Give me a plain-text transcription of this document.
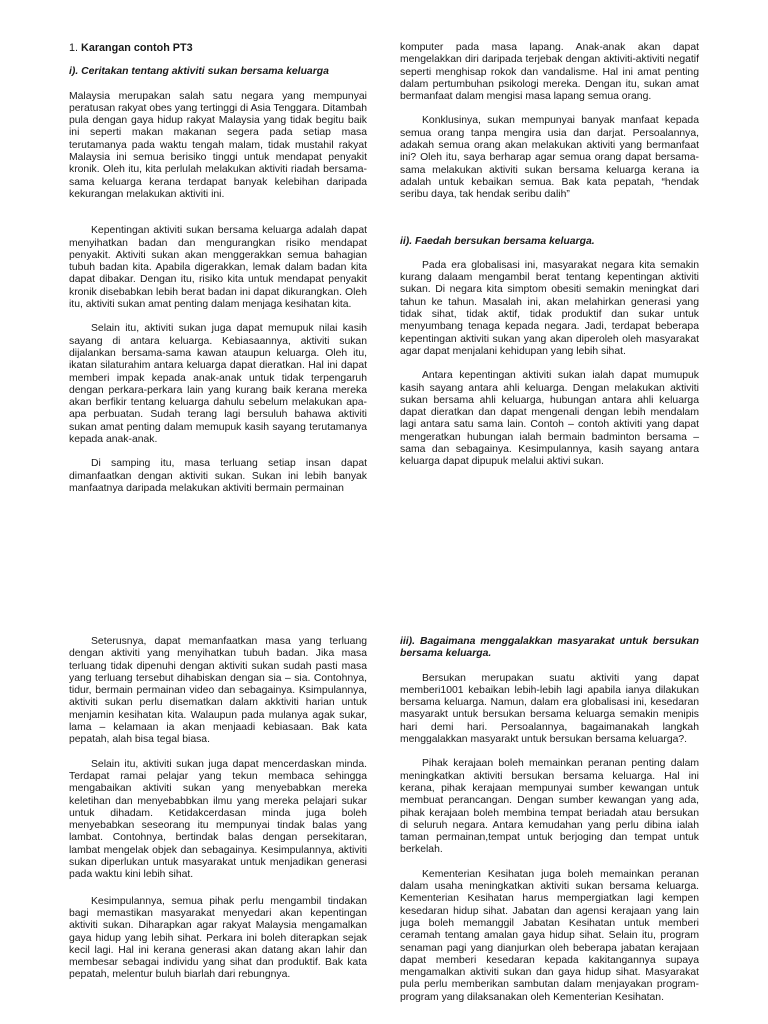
1. Karangan contoh PT3

i). Ceritakan tentang aktiviti sukan bersama keluarga

Malaysia merupakan salah satu negara yang mempunyai peratusan rakyat obes yang tertinggi di Asia Tenggara. Ditambah pula dengan gaya hidup rakyat Malaysia yang tidak begitu baik ini seperti makan makanan segera pada setiap masa terutamanya pada waktu tengah malam, tidak mustahil rakyat Malaysia ini semua berisiko tinggi untuk mendapat penyakit kronik. Oleh itu, kita perlulah melakukan aktiviti riadah bersama-sama keluarga kerana terdapat banyak kelebihan daripada kekurangan melakukan aktiviti ini.

Kepentingan aktiviti sukan bersama keluarga adalah dapat menyihatkan badan dan mengurangkan risiko mendapat penyakit. Aktiviti sukan akan menggerakkan semua bahagian tubuh badan kita. Apabila digerakkan, lemak dalam badan kita dapat dibakar. Dengan itu, risiko kita untuk mendapat penyakit kronik disebabkan lebih berat badan ini dapat dikurangkan. Oleh itu, aktiviti sukan amat penting dalam menjaga kesihatan kita.

Selain itu, aktiviti sukan juga dapat memupuk nilai kasih sayang di antara keluarga. Kebiasaannya, aktiviti sukan dijalankan bersama-sama kawan ataupun keluarga. Oleh itu, ikatan silaturahim antara keluarga dapat dieratkan. Hal ini dapat memberi impak kepada anak-anak untuk tidak terpengaruh dengan perkara-perkara lain yang kurang baik kerana mereka akan berfikir tentang keluarga dahulu sebelum melakukan apa-apa perbuatan. Sudah terang lagi bersuluh bahawa aktiviti sukan amat penting dalam memupuk kasih sayang terutamanya kepada anak-anak.

Di samping itu, masa terluang setiap insan dapat dimanfaatkan dengan aktiviti sukan. Sukan ini lebih banyak manfaatnya daripada melakukan aktiviti bermain permainan

komputer pada masa lapang. Anak-anak akan dapat mengelakkan diri daripada terjebak dengan aktiviti-aktiviti negatif seperti menghisap rokok dan vandalisme. Hal ini amat penting dalam pertumbuhan psikologi mereka. Dengan itu, sukan amat bermanfaat dalam mengisi masa lapang semua orang.

Konklusinya, sukan mempunyai banyak manfaat kepada semua orang tanpa mengira usia dan darjat. Persoalannya, adakah semua orang akan melakukan aktiviti yang bermanfaat ini? Oleh itu, saya berharap agar semua orang dapat bersama-sama melakukan aktiviti sukan bersama keluarga kerana ia adalah untuk kebaikan semua. Bak kata pepatah, “hendak seribu daya, tak hendak seribu dalih”

ii). Faedah bersukan bersama keluarga.

Pada era globalisasi ini, masyarakat negara kita semakin kurang dalaam mengambil berat tentang kepentingan aktiviti sukan. Di negara kita simptom obesiti semakin meningkat dari tahun ke tahun. Masalah ini, akan melahirkan generasi yang tidak sihat, tidak aktif, tidak produktif dan sukar untuk menyumbang tenaga kepada negara. Jadi, terdapat beberapa kepentingan aktiviti sukan yang akan diperoleh oleh masyarakat agar dapat menjalani kehidupan yang lebih sihat.

Antara kepentingan aktiviti sukan ialah dapat mumupuk kasih sayang antara ahli keluarga. Dengan melakukan aktiviti sukan bersama ahli keluarga, hubungan antara ahli keluarga dapat dieratkan dan dapat mengenali dengan lebih mendalam lagi antara satu sama lain. Contoh – contoh aktiviti yang dapat mengeratkan hubungan ialah bermain badminton bersama – sama dan sebagainya. Kesimpulannya, kasih sayang antara keluarga dapat dipupuk melalui aktivi sukan.

Seterusnya, dapat memanfaatkan masa yang terluang dengan aktiviti yang menyihatkan tubuh badan. Jika masa terluang tidak dipenuhi dengan aktiviti sukan sudah pasti masa yang terluang tersebut dihabiskan dengan sia – sia. Contohnya, tidur, bermain permainan video dan sebagainya. Ksimpulannya, aktiviti sukan perlu disematkan dalam akktiviti harian untuk menjamin kesihatan kita. Walaupun pada mulanya agak sukar, lama – kelamaan ia akan menjaadi kebiasaan. Bak kata pepatah, alah bisa tegal biasa.

Selain itu, aktiviti sukan juga dapat mencerdaskan minda. Terdapat ramai pelajar yang tekun membaca sehingga mengabaikan aktiviti sukan yang menyebabkan mereka keletihan dan menyebabbkan ilmu yang mereka pelajari sukar untuk dihadam. Ketidakcerdasan minda juga boleh menyebabkan seseorang itu mempunyai tindak balas yang lambat. Contohnya, bertindak balas dengan persekitaran, lambat mengelak objek dan sebagainya. Kesimpulannya, aktiviti sukan diperlukan untuk masyarakat untuk menjadikan generasi pada waktu kini lebih sihat.

Kesimpulannya, semua pihak perlu mengambil tindakan bagi memastikan masyarakat menyedari akan kepentingan aktiviti sukan. Diharapkan agar rakyat Malaysia mengamalkan gaya hidup yang lebih sihat. Perkara ini boleh diterapkan sejak kecil lagi. Hal ini kerana generasi akan datang akan lahir dan membesar sebagai individu yang sihat dan produktif. Bak kata pepatah, melentur buluh biarlah dari rebungnya.

iii). Bagaimana menggalakkan masyarakat untuk bersukan bersama keluarga.

Bersukan merupakan suatu aktiviti yang dapat memberi1001 kebaikan lebih-lebih lagi apabila ianya dilakukan bersama keluarga. Namun, dalam era globalisasi ini, kesedaran masyarakt untuk bersukan bersama keluarga semakin menipis hari demi hari. Persoalannya, bagaimanakah langkah menggalakkan masyarakt untuk bersukan bersama keluarga?.

Pihak kerajaan boleh memainkan peranan penting dalam meningkatkan aktiviti bersukan bersama keluarga. Hal ini kerana, pihak kerajaan mempunyai sumber kewangan untuk membuat perancangan. Dengan sumber kewangan yang ada, pihak kerajaan boleh membina tempat beriadah atau bersukan di seluruh negara. Antara kemudahan yang perlu dibina ialah taman permainan,tempat untuk berjoging dan tempat untuk berkelah.

Kementerian Kesihatan juga boleh memainkan peranan dalam usaha meningkatkan aktiviti sukan bersama keluarga. Kementerian Kesihatan harus mempergiatkan lagi kempen kesedaran hidup sihat. Jabatan dan agensi kerajaan yang lain juga boleh memanggil Jabatan Kesihatan untuk memberi ceramah tentang amalan gaya hidup sihat. Selain itu, program senaman pagi yang dianjurkan oleh beberapa jabatan kerajaan dapat memberi kesedaran kepada kakitangannya supaya mengamalkan aktiviti sukan dan gaya hidup sihat. Masyarakat pula perlu memberikan sambutan dalam menjayakan program-program yang dilaksanakan oleh Kementerian Kesihatan.
